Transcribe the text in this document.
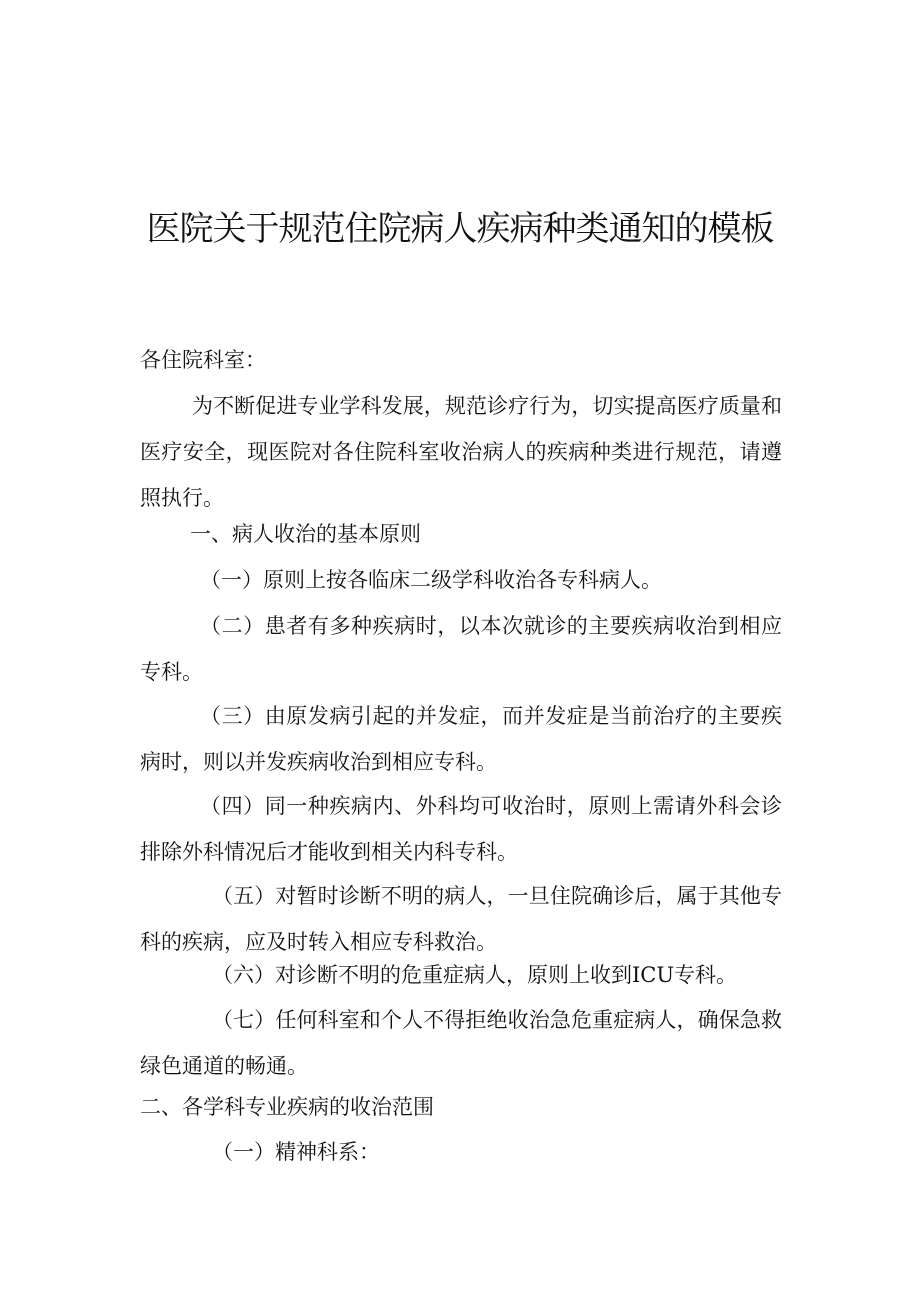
医院关于规范住院病人疾病种类通知的模板

各住院科室：

为不断促进专业学科发展，规范诊疗行为，切实提高医疗质量和医疗安全，现医院对各住院科室收治病人的疾病种类进行规范，请遵照执行。

一、病人收治的基本原则

（一）原则上按各临床二级学科收治各专科病人。

（二）患者有多种疾病时，以本次就诊的主要疾病收治到相应专科。

（三）由原发病引起的并发症，而并发症是当前治疗的主要疾病时，则以并发疾病收治到相应专科。

（四）同一种疾病内、外科均可收治时，原则上需请外科会诊排除外科情况后才能收到相关内科专科。

（五）对暂时诊断不明的病人，一旦住院确诊后，属于其他专科的疾病，应及时转入相应专科救治。

（六）对诊断不明的危重症病人，原则上收到ICU专科。

（七）任何科室和个人不得拒绝收治急危重症病人，确保急救绿色通道的畅通。

二、各学科专业疾病的收治范围

（一）精神科系：
